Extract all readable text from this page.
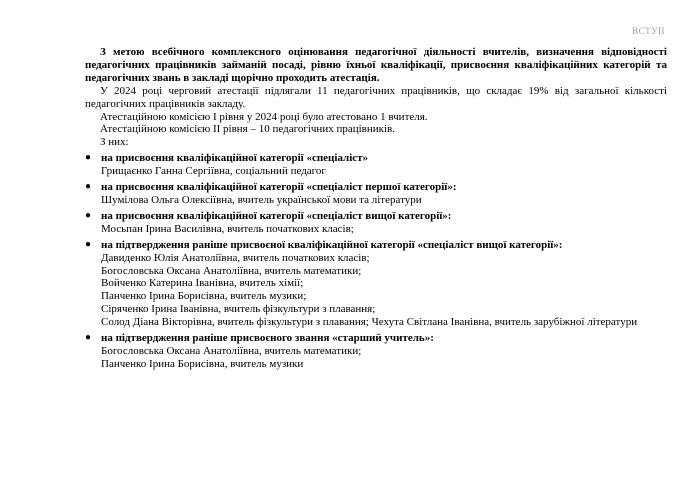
ВСТУП

З метою всебічного комплексного оцінювання педагогічної діяльності вчителів, визначення відповідності педагогічних працівників займаній посаді, рівню їхньої кваліфікації, присвоєння кваліфікаційних категорій та педагогічних звань в закладі щорічно проходить атестація.

У 2024 році черговий атестації підлягали 11 педагогічних працівників, що складає 19% від загальної кількості педагогічних працівників закладу.

Атестаційною комісією І рівня у 2024 році було атестовано 1 вчителя.

Атестаційною комісією ІІ рівня – 10 педагогічних працівників.

З них:

● на присвоєння кваліфікаційної категорії «спеціаліст»
Грищаєнко Ганна Сергіївна, соціальний педагог
● на присвоєння кваліфікаційної категорії «спеціаліст першої категорії»:
Шумілова Ольга Олексіївна, вчитель української мови та літератури
● на присвоєння кваліфікаційної категорії «спеціаліст вищої категорії»:
Мосьпан Ірина Василівна, вчитель початкових класів;
● на підтвердження раніше присвоєної кваліфікаційної категорії «спеціаліст вищої категорії»:
Давиденко Юлія Анатоліївна, вчитель початкових класів;
Богословська Оксана Анатоліївна, вчитель математики;
Войченко Катерина Іванівна, вчитель хімії;
Панченко Ірина Борисівна, вчитель музики;
Сіряченко Ірина Іванівна, вчитель фізкультури з плавання;
Солод Діана Вікторівна, вчитель фізкультури з плавання; Чехута Світлана Іванівна, вчитель зарубіжної літератури
● на підтвердження раніше присвоєного звання «старший учитель»:
Богословська Оксана Анатоліївна, вчитель математики;
Панченко Ірина Борисівна, вчитель музики
